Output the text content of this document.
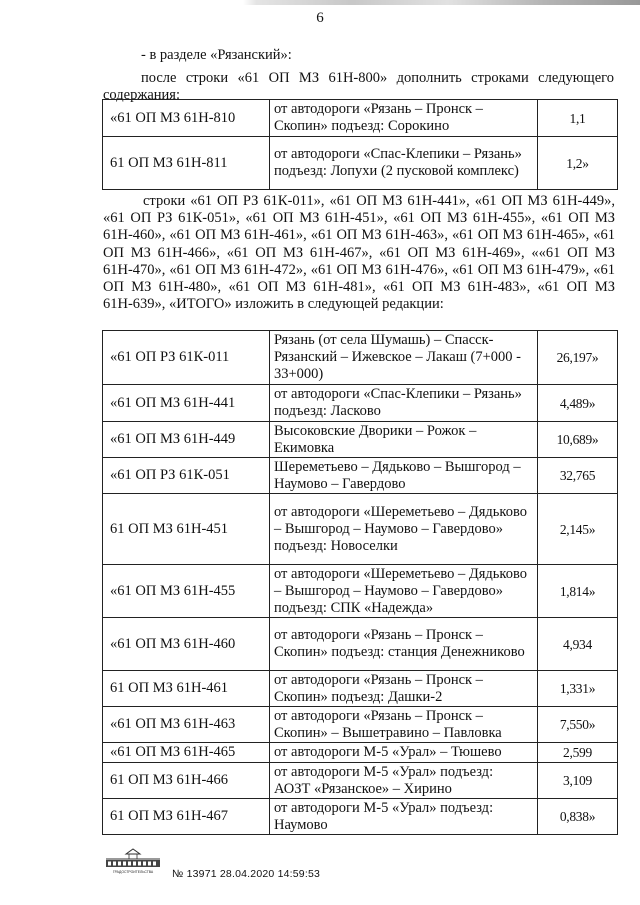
6
- в разделе «Рязанский»:
после строки «61 ОП МЗ 61Н-800» дополнить строками следующего
содержания:
«61 ОП МЗ 61Н-810	от автодороги «Рязань – Пронск – Скопин» подъезд: Сорокино	1,1
61 ОП МЗ 61Н-811	от автодороги «Спас-Клепики – Рязань» подъезд: Лопухи (2 пусковой комплекс)	1,2»
строки «61 ОП РЗ 61К-011», «61 ОП МЗ 61Н-441», «61 ОП МЗ 61Н-449», «61 ОП РЗ 61К-051», «61 ОП МЗ 61Н-451», «61 ОП МЗ 61Н-455», «61 ОП МЗ 61Н-460», «61 ОП МЗ 61Н-461», «61 ОП МЗ 61Н-463», «61 ОП МЗ 61Н-465», «61 ОП МЗ 61Н-466», «61 ОП МЗ 61Н-467», «61 ОП МЗ 61Н-469», ««61 ОП МЗ 61Н-470», «61 ОП МЗ 61Н-472», «61 ОП МЗ 61Н-476», «61 ОП МЗ 61Н-479», «61 ОП МЗ 61Н-480», «61 ОП МЗ 61Н-481», «61 ОП МЗ 61Н-483», «61 ОП МЗ 61Н-639», «ИТОГО» изложить в следующей редакции:
«61 ОП РЗ 61К-011	Рязань (от села Шумашь) – Спасск-Рязанский – Ижевское – Лакаш (7+000 - 33+000)	26,197»
«61 ОП МЗ 61Н-441	от автодороги «Спас-Клепики – Рязань» подъезд: Ласково	4,489»
«61 ОП МЗ 61Н-449	Высоковские Дворики – Рожок – Екимовка	10,689»
«61 ОП РЗ 61К-051	Шереметьево – Дядьково – Вышгород – Наумово – Гавердово	32,765
61 ОП МЗ 61Н-451	от автодороги «Шереметьево – Дядьково – Вышгород – Наумово – Гавердово» подъезд: Новоселки	2,145»
«61 ОП МЗ 61Н-455	от автодороги «Шереметьево – Дядьково – Вышгород – Наумово – Гавердово» подъезд: СПК «Надежда»	1,814»
«61 ОП МЗ 61Н-460	от автодороги «Рязань – Пронск – Скопин» подъезд: станция Денежниково	4,934
61 ОП МЗ 61Н-461	от автодороги «Рязань – Пронск – Скопин» подъезд: Дашки-2	1,331»
«61 ОП МЗ 61Н-463	от автодороги «Рязань – Пронск – Скопин» – Вышетравино – Павловка	7,550»
«61 ОП МЗ 61Н-465	от автодороги М-5 «Урал» – Тюшево	2,599
61 ОП МЗ 61Н-466	от автодороги М-5 «Урал» подъезд: АОЗТ «Рязанское» – Хирино	3,109
61 ОП МЗ 61Н-467	от автодороги М-5 «Урал» подъезд: Наумово	0,838»
ГРАДОСТРОИТЕЛЬСТВА № 13971 28.04.2020 14:59:53
